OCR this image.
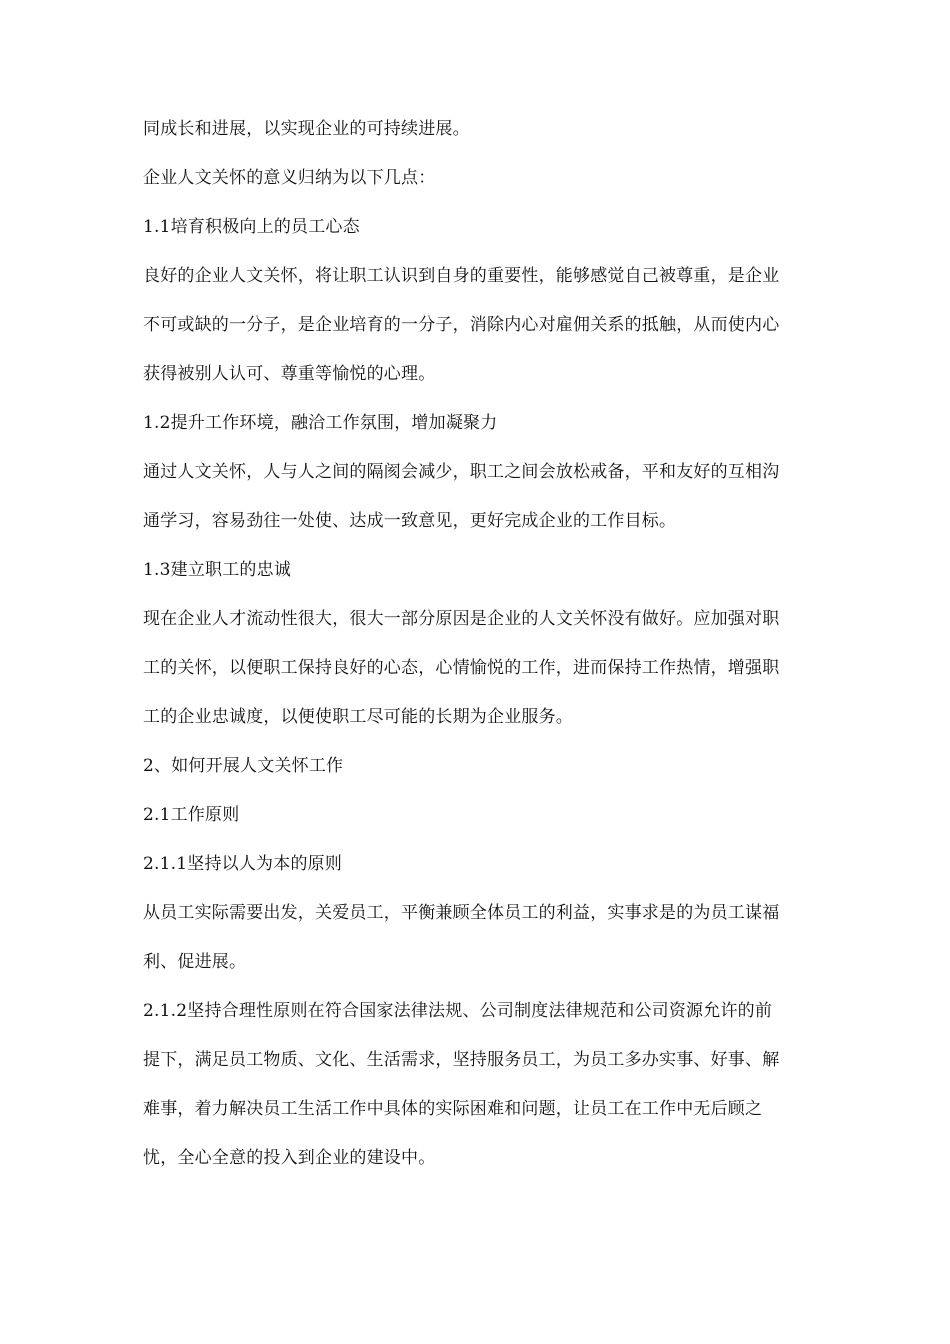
同成长和进展，以实现企业的可持续进展。
企业人文关怀的意义归纳为以下几点：
1.1培育积极向上的员工心态
良好的企业人文关怀，将让职工认识到自身的重要性，能够感觉自己被尊重，是企业
不可或缺的一分子，是企业培育的一分子，消除内心对雇佣关系的抵触，从而使内心
获得被别人认可、尊重等愉悦的心理。
1.2提升工作环境，融洽工作氛围，增加凝聚力
通过人文关怀，人与人之间的隔阂会减少，职工之间会放松戒备，平和友好的互相沟
通学习，容易劲往一处使、达成一致意见，更好完成企业的工作目标。
1.3建立职工的忠诚
现在企业人才流动性很大，很大一部分原因是企业的人文关怀没有做好。应加强对职
工的关怀，以便职工保持良好的心态，心情愉悦的工作，进而保持工作热情，增强职
工的企业忠诚度，以便使职工尽可能的长期为企业服务。
2、如何开展人文关怀工作
2.1工作原则
2.1.1坚持以人为本的原则
从员工实际需要出发，关爱员工，平衡兼顾全体员工的利益，实事求是的为员工谋福
利、促进展。
2.1.2坚持合理性原则在符合国家法律法规、公司制度法律规范和公司资源允许的前
提下，满足员工物质、文化、生活需求，坚持服务员工，为员工多办实事、好事、解
难事，着力解决员工生活工作中具体的实际困难和问题，让员工在工作中无后顾之
忧，全心全意的投入到企业的建设中。
